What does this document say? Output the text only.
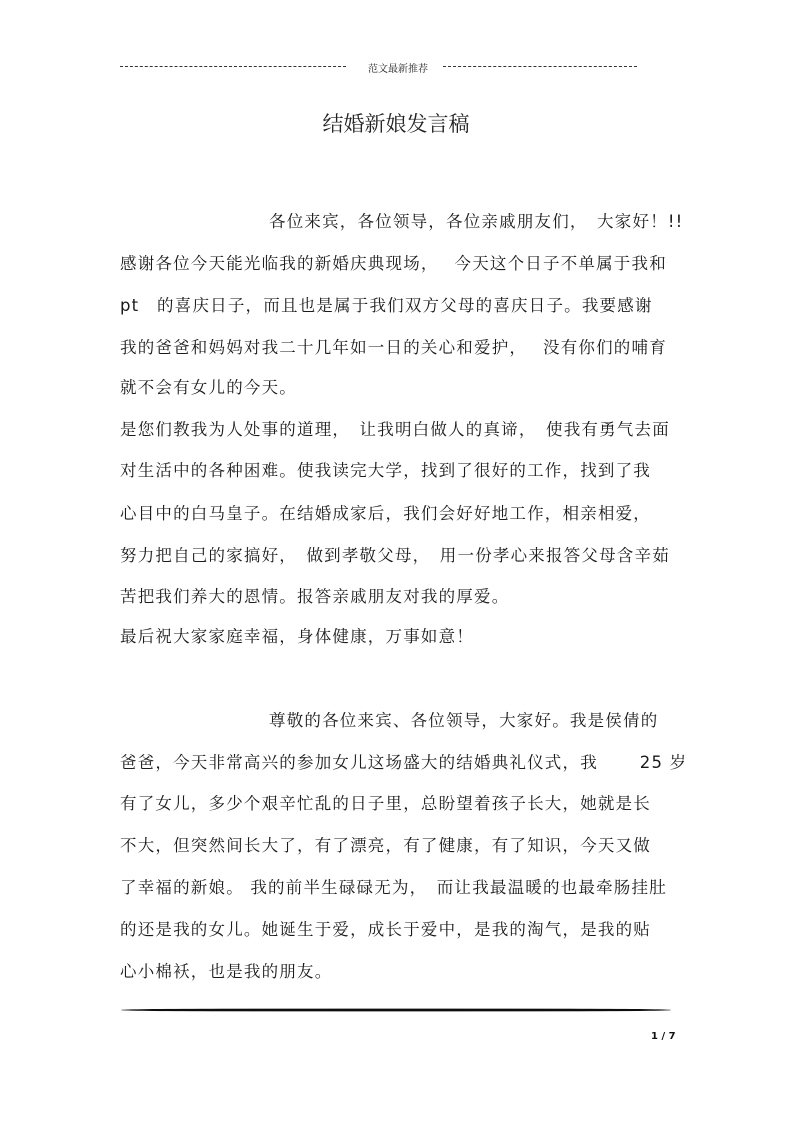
范文最新推荐
结婚新娘发言稿
各位来宾，各位领导，各位亲戚朋友们，　大家好！!!
感谢各位今天能光临我的新婚庆典现场，　 今天这个日子不单属于我和
pt　的喜庆日子，而且也是属于我们双方父母的喜庆日子。我要感谢
我的爸爸和妈妈对我二十几年如一日的关心和爱护，　 没有你们的哺育
就不会有女儿的今天。
是您们教我为人处事的道理，　让我明白做人的真谛，　使我有勇气去面
对生活中的各种困难。使我读完大学，找到了很好的工作，找到了我
心目中的白马皇子。在结婚成家后，我们会好好地工作，相亲相爱，
努力把自己的家搞好，　做到孝敬父母，　用一份孝心来报答父母含辛茹
苦把我们养大的恩情。报答亲戚朋友对我的厚爱。
最后祝大家家庭幸福，身体健康，万事如意！
尊敬的各位来宾、各位领导，大家好。我是侯倩的
爸爸，今天非常高兴的参加女儿这场盛大的结婚典礼仪式，我　　 25 岁
有了女儿，多少个艰辛忙乱的日子里，总盼望着孩子长大，她就是长
不大，但突然间长大了，有了漂亮，有了健康，有了知识，今天又做
了幸福的新娘。 我的前半生碌碌无为，　而让我最温暖的也最牵肠挂肚
的还是我的女儿。她诞生于爱，成长于爱中，是我的淘气，是我的贴
心小棉袄，也是我的朋友。
1 / 7
